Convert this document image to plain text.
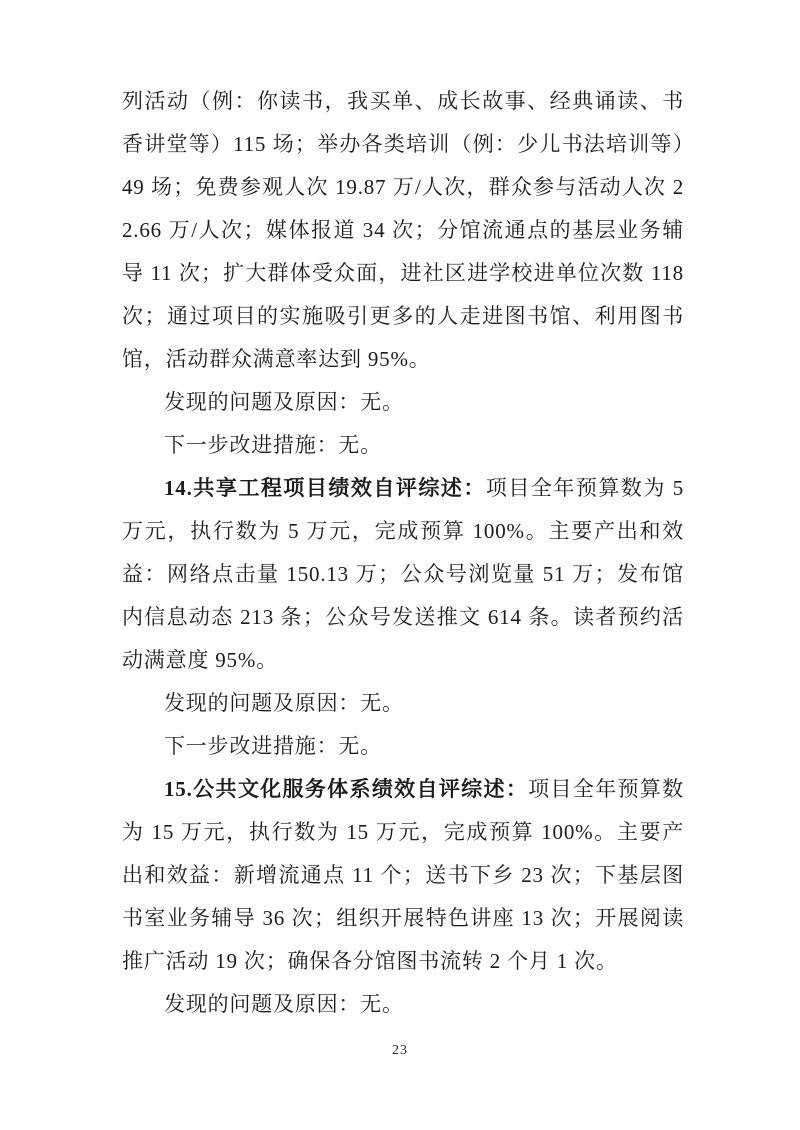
列活动（例：你读书，我买单、成长故事、经典诵读、书香讲堂等）115 场；举办各类培训（例：少儿书法培训等）49 场；免费参观人次 19.87 万/人次，群众参与活动人次 22.66 万/人次；媒体报道 34 次；分馆流通点的基层业务辅导 11 次；扩大群体受众面，进社区进学校进单位次数 118 次；通过项目的实施吸引更多的人走进图书馆、利用图书馆，活动群众满意率达到 95%。

发现的问题及原因：无。

下一步改进措施：无。

14.共享工程项目绩效自评综述：项目全年预算数为 5 万元，执行数为 5 万元，完成预算 100%。主要产出和效益：网络点击量 150.13 万；公众号浏览量 51 万；发布馆内信息动态 213 条；公众号发送推文 614 条。读者预约活动满意度 95%。

发现的问题及原因：无。

下一步改进措施：无。

15.公共文化服务体系绩效自评综述：项目全年预算数为 15 万元，执行数为 15 万元，完成预算 100%。主要产出和效益：新增流通点 11 个；送书下乡 23 次；下基层图书室业务辅导 36 次；组织开展特色讲座 13 次；开展阅读推广活动 19 次；确保各分馆图书流转 2 个月 1 次。

发现的问题及原因：无。

23
